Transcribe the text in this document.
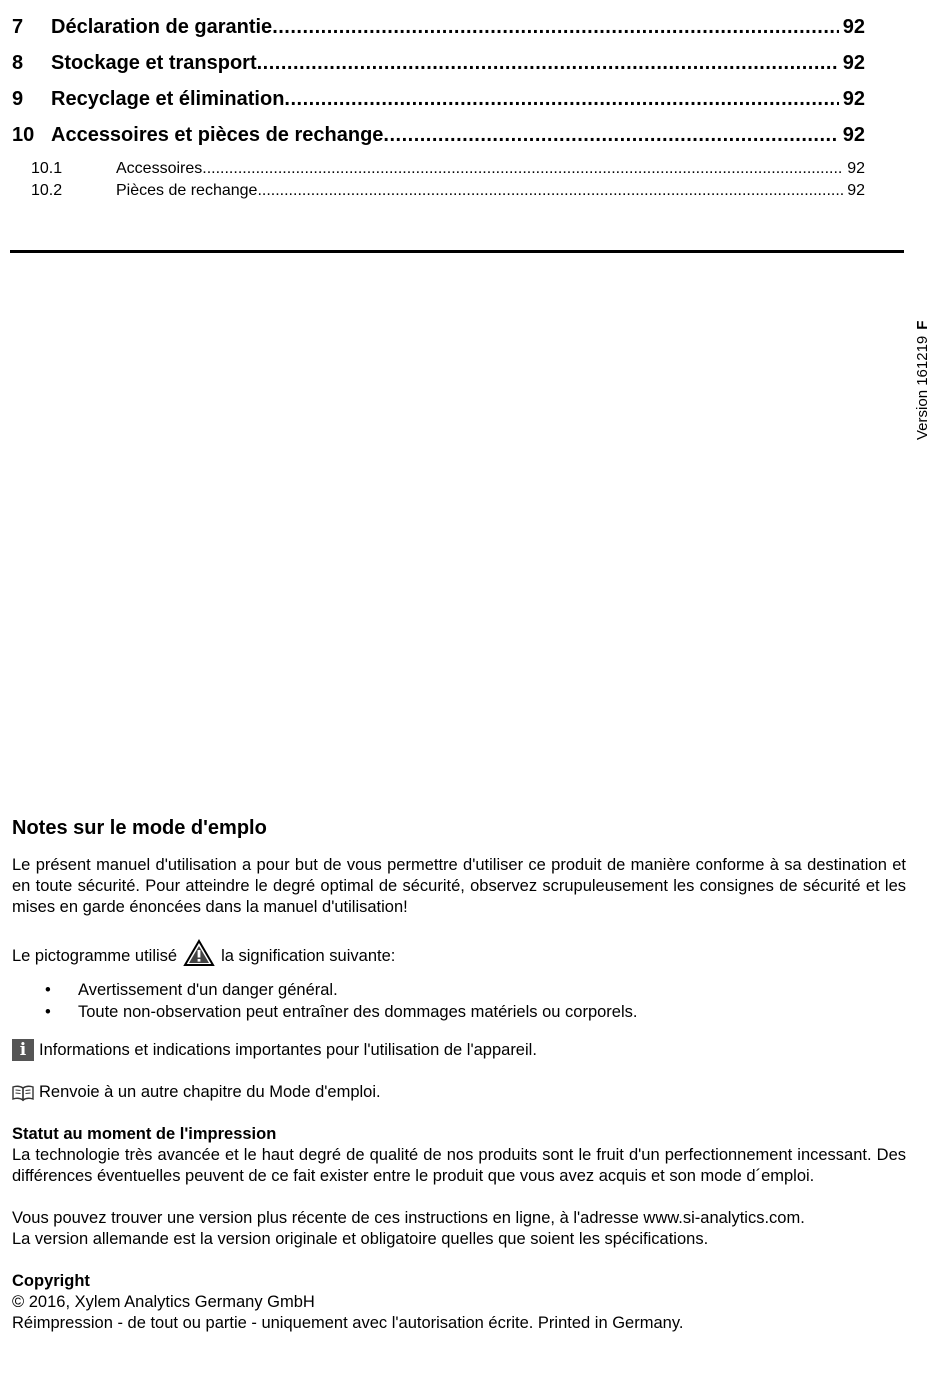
7	Déclaration de garantie .....	92
8	Stockage et transport .....	92
9	Recyclage et élimination .....	92
10 Accessoires et pièces de rechange .....	92
10.1	Accessoires .....	92
10.2	Pièces de rechange .....	92
Version 161219F
Notes sur le mode d'emplo

Le présent manuel d'utilisation a pour but de vous permettre d'utiliser ce produit de manière conforme à sa destination et en toute sécurité. Pour atteindre le degré optimal de sécurité, observez scrupuleusement les consignes de sécurité et les mises en garde énoncées dans la manuel d'utilisation!

Le pictogramme utilisé	la signification suivante:
• Avertissement d'un danger général.
• Toute non-observation peut entraîner des dommages matériels ou corporels.
i Informations et indications importantes pour l'utilisation de l'appareil.
Renvoie à un autre chapitre du Mode d'emploi.
Statut au moment de l'impression

La technologie très avancée et le haut degré de qualité de nos produits sont le fruit d'un perfectionnement incessant. Des différences éventuelles peuvent de ce fait exister entre le produit que vous avez acquis et son mode d´emploi.

Vous pouvez trouver une version plus récente de ces instructions en ligne, à l'adresse www.si-analytics.com.
La version allemande est la version originale et obligatoire quelles que soient les spécifications.
Copyright
© 2016, Xylem Analytics Germany GmbH
Réimpression - de tout ou partie - uniquement avec l'autorisation écrite. Printed in Germany.
